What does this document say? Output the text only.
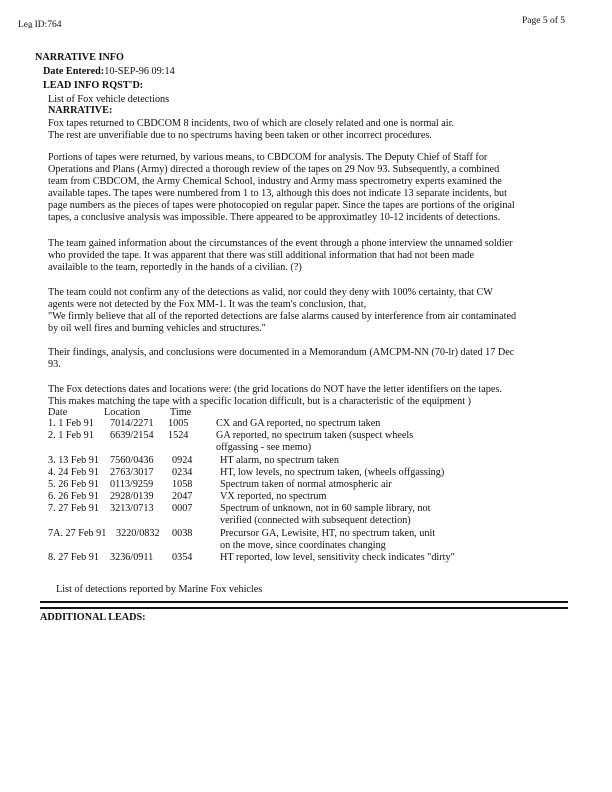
Lea̲ ID:764	Page 5 of 5
NARRATIVE INFO
Date Entered:10-SEP-96 09:14
LEAD INFO RQST'D:
List of Fox vehicle detections
NARRATIVE:
Fox tapes returned to CBDCOM 8 incidents, two of which are closely related and one is normal air.
The rest are unverifiable due to no spectrums having been taken or other incorrect procedures.
Portions of tapes were returned, by various means, to CBDCOM for analysis. The Deputy Chief of Staff for
Operations and Plans (Army) directed a thorough review of the tapes on 29 Nov 93. Subsequently, a combined
team from CBDCOM, the Army Chemical School, industry and Army mass spectrometry experts examined the
available tapes. The tapes were numbered from 1 to 13, although this does not indicate 13 separate incidents, but
page numbers as the pieces of tapes were photocopied on regular paper. Since the tapes are portions of the original
tapes, a conclusive analysis was impossible. There appeared to be approximatley 10-12 incidents of detections.
The team gained information about the circumstances of the event through a phone interview the unnamed soldier
who provided the tape. It was apparent that there was still additional information that had not been made
availaible to the team, reportedly in the hands of a civilian. (?)
The team could not confirm any of the detections as valid, nor could they deny with 100% certainty, that CW
agents were not detected by the Fox MM-1. It was the team's conclusion, that,
"We firmly believe that all of the reported detections are false alarms caused by interference from air contaminated
by oil well fires and burning vehicles and structures."
Their findings, analysis, and conclusions were documented in a Memorandum (AMCPM-NN (70-lr) dated 17 Dec
93.
The Fox detections dates and locations were: (the grid locations do NOT have the letter identifiers on the tapes.
This makes matching the tape with a specific location difficult, but is a characteristic of the equipment )
Date	Location	Time
1. 1 Feb 91 7014/2271 1005	CX and GA reported, no spectrum taken
2. 1 Feb 91 6639/2154 1524	GA reported, no spectrum taken (suspect wheels
offgassing - see memo)
3. 13 Feb 91 7560/0436 0924	HT alarm, no spectrum taken
4. 24 Feb 91 2763/3017 0234	HT, low levels, no spectrum taken, (wheels offgassing)
5. 26 Feb 91 0113/9259 1058	Spectrum taken of normal atmospheric air
6. 26 Feb 91 2928/0139 2047	VX reported, no spectrum
7. 27 Feb 91 3213/0713 0007	Spectrum of unknown, not in 60 sample library, not
verified (connected with subsequent detection)
7A. 27 Feb 91 3220/0832 0038	Precursor GA, Lewisite, HT, no spectrum taken, unit
on the move, since coordinates changing
8. 27 Feb 91 3236/0911 0354	HT reported, low level, sensitivity check indicates "dirty"
List of detections reported by Marine Fox vehicles
ADDITIONAL LEADS:
